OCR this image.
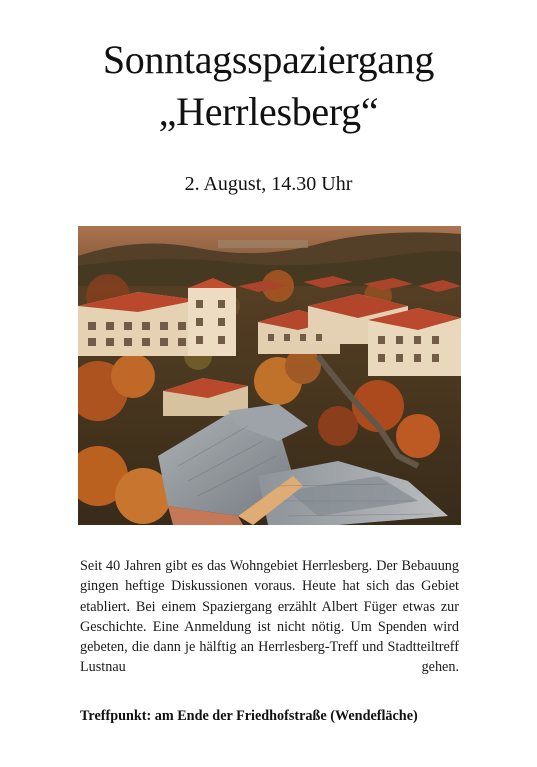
Sonntagsspaziergang
„Herrlesberg“
2. August, 14.30 Uhr

Seit 40 Jahren gibt es das Wohngebiet Herrlesberg. Der Bebauung gingen heftige Diskussionen voraus. Heute hat sich das Gebiet etabliert. Bei einem Spaziergang erzählt Albert Füger etwas zur Geschichte. Eine Anmeldung ist nicht nötig. Um Spenden wird gebeten, die dann je hälftig an Herrlesberg-Treff und Stadtteiltreff Lustnau gehen.

Treffpunkt: am Ende der Friedhofstraße (Wendefläche)
